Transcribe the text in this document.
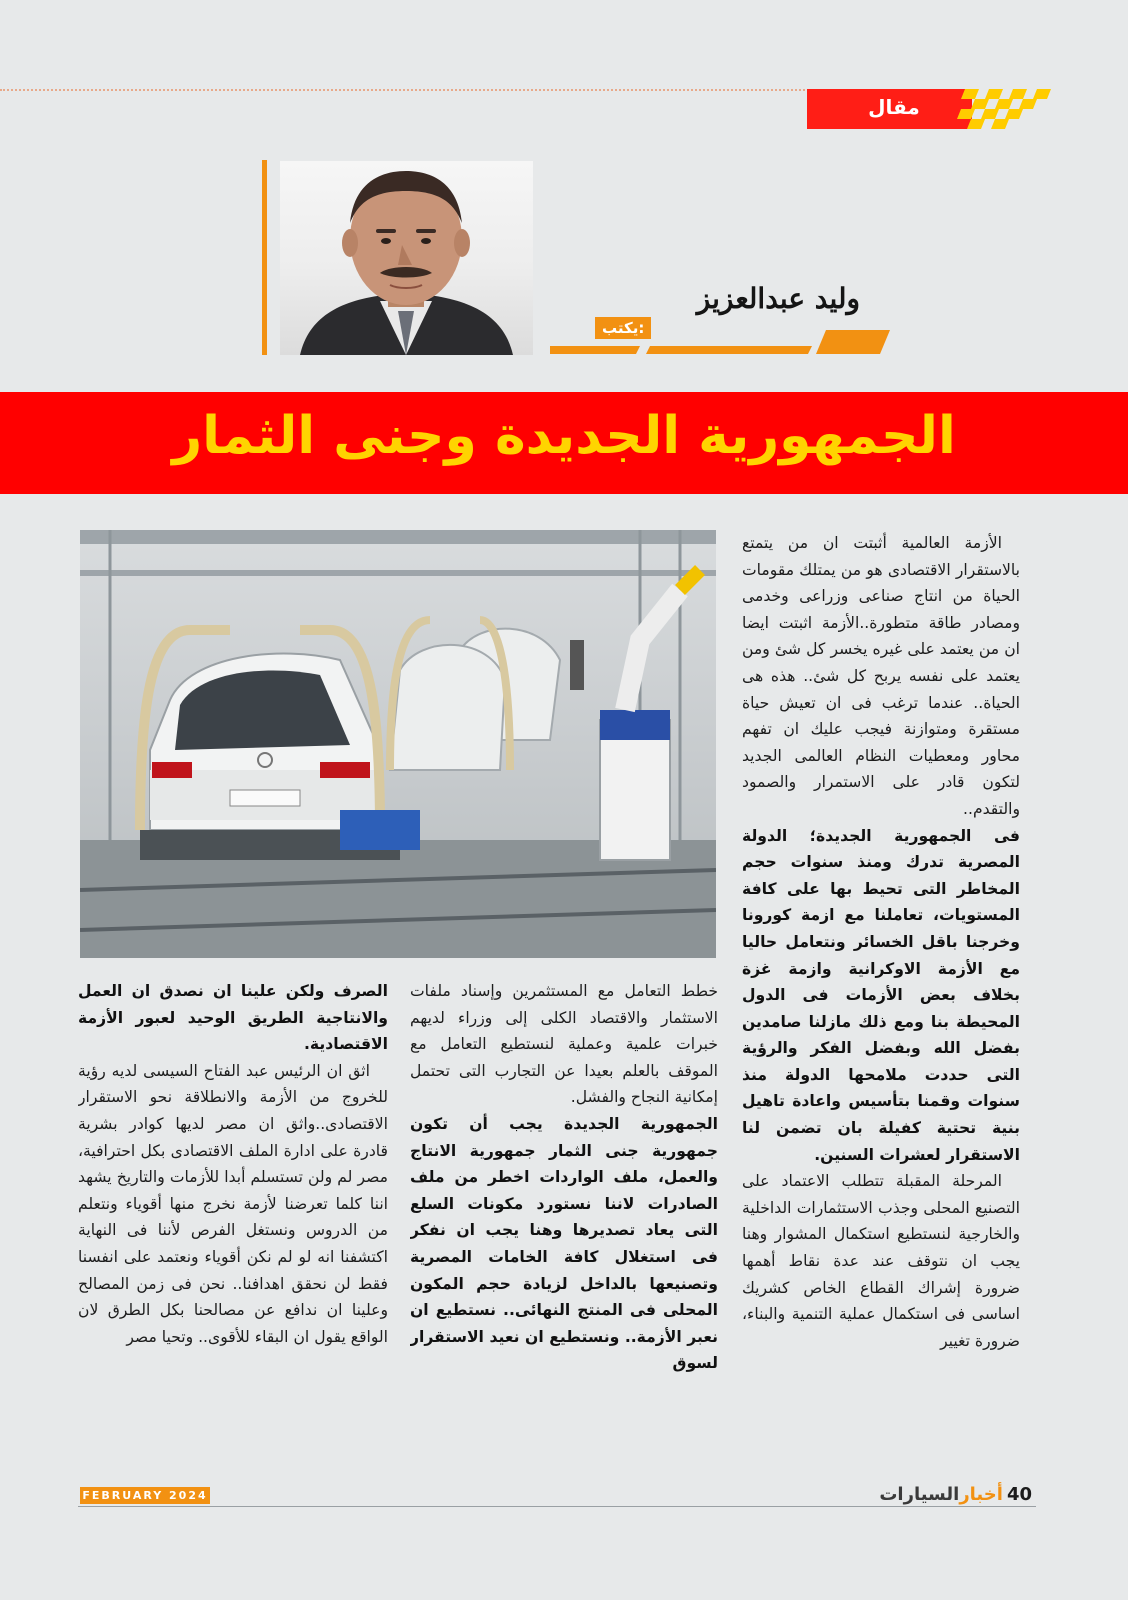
مقال
وليد عبدالعزيز
يكتب:
الجمهورية الجديدة وجنى الثمار

الأزمة العالمية أثبتت ان من يتمتع بالاستقرار الاقتصادى هو من يمتلك مقومات الحياة من انتاج صناعى وزراعى وخدمى ومصادر طاقة متطورة..الأزمة اثبتت ايضا ان من يعتمد على غيره يخسر كل شئ ومن يعتمد على نفسه يربح كل شئ.. هذه هى الحياة.. عندما ترغب فى ان تعيش حياة مستقرة ومتوازنة فيجب عليك ان تفهم محاور ومعطيات النظام العالمى الجديد لتكون قادر على الاستمرار والصمود والتقدم..

فى الجمهورية الجديدة؛ الدولة المصرية تدرك ومنذ سنوات حجم المخاطر التى تحيط بها على كافة المستويات، تعاملنا مع ازمة كورونا وخرجنا باقل الخسائر ونتعامل حاليا مع الأزمة الاوكرانية وازمة غزة بخلاف بعض الأزمات فى الدول المحيطة بنا ومع ذلك مازلنا صامدين بفضل الله وبفضل الفكر والرؤية التى حددت ملامحها الدولة منذ سنوات وقمنا بتأسيس واعادة تاهيل بنية تحتية كفيلة بان تضمن لنا الاستقرار لعشرات السنين.

المرحلة المقبلة تتطلب الاعتماد على التصنيع المحلى وجذب الاستثمارات الداخلية والخارجية لنستطيع استكمال المشوار وهنا يجب ان نتوقف عند عدة نقاط أهمها ضرورة إشراك القطاع الخاص كشريك اساسى فى استكمال عملية التنمية والبناء، ضرورة تغيير

خطط التعامل مع المستثمرين وإسناد ملفات الاستثمار والاقتصاد الكلى إلى وزراء لديهم خبرات علمية وعملية لنستطيع التعامل مع الموقف بالعلم بعيدا عن التجارب التى تحتمل إمكانية النجاح والفشل.

الجمهورية الجديدة يجب أن تكون جمهورية جنى الثمار جمهورية الانتاج والعمل، ملف الواردات اخطر من ملف الصادرات لاننا نستورد مكونات السلع التى يعاد تصديرها وهنا يجب ان نفكر فى استغلال كافة الخامات المصرية وتصنيعها بالداخل لزيادة حجم المكون المحلى فى المنتج النهائى.. نستطيع ان نعبر الأزمة.. ونستطيع ان نعيد الاستقرار لسوق

الصرف ولكن علينا ان نصدق ان العمل والانتاجية الطريق الوحيد لعبور الأزمة الاقتصادية.

اثق ان الرئيس عبد الفتاح السيسى لديه رؤية للخروج من الأزمة والانطلاقة نحو الاستقرار الاقتصادى..واثق ان مصر لديها كوادر بشرية قادرة على ادارة الملف الاقتصادى بكل احترافية، مصر لم ولن تستسلم أبدا للأزمات والتاريخ يشهد اننا كلما تعرضنا لأزمة نخرج منها أقوياء ونتعلم من الدروس ونستغل الفرص لأننا فى النهاية اكتشفنا انه لو لم نكن أقوياء ونعتمد على انفسنا فقط لن نحقق اهدافنا.. نحن فى زمن المصالح وعلينا ان ندافع عن مصالحنا بكل الطرق لان الواقع يقول ان البقاء للأقوى.. وتحيا مصر

FEBRUARY 2024	40أخبارالسيارات
